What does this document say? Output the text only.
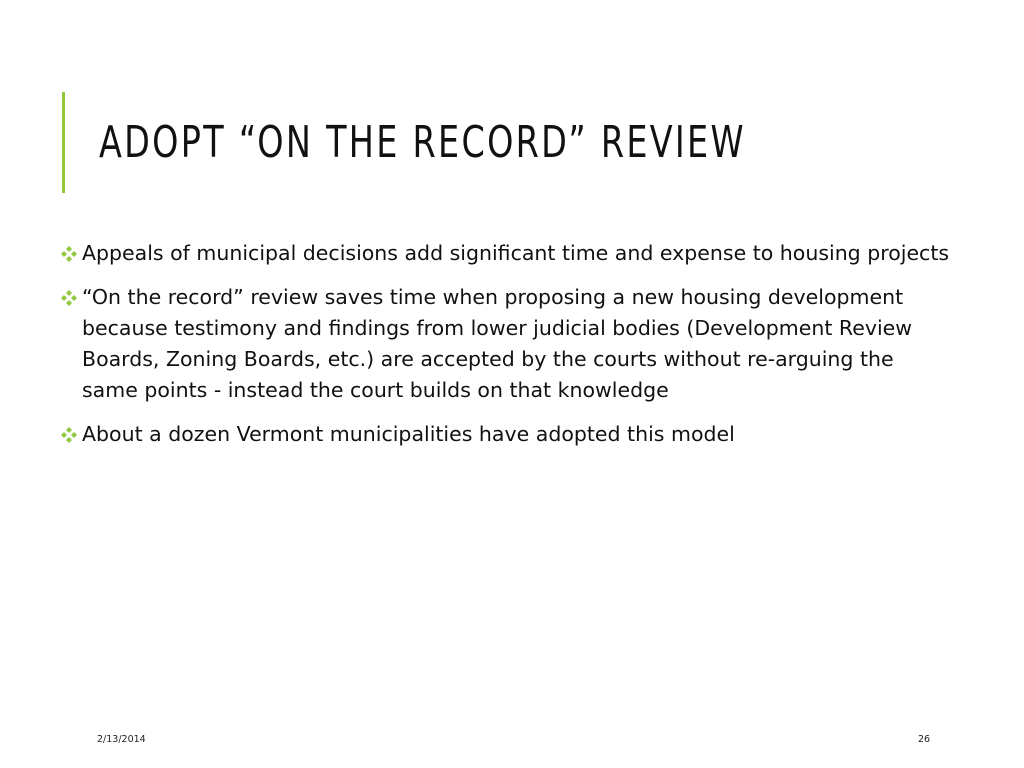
ADOPT “ON THE RECORD” REVIEW
Appeals of municipal decisions add significant time and expense to housing projects
“On the record” review saves time when proposing a new housing development because testimony and findings from lower judicial bodies (Development Review Boards, Zoning Boards, etc.) are accepted by the courts without re-arguing the same points - instead the court builds on that knowledge
About a dozen Vermont municipalities have adopted this model
2/13/2014	26
